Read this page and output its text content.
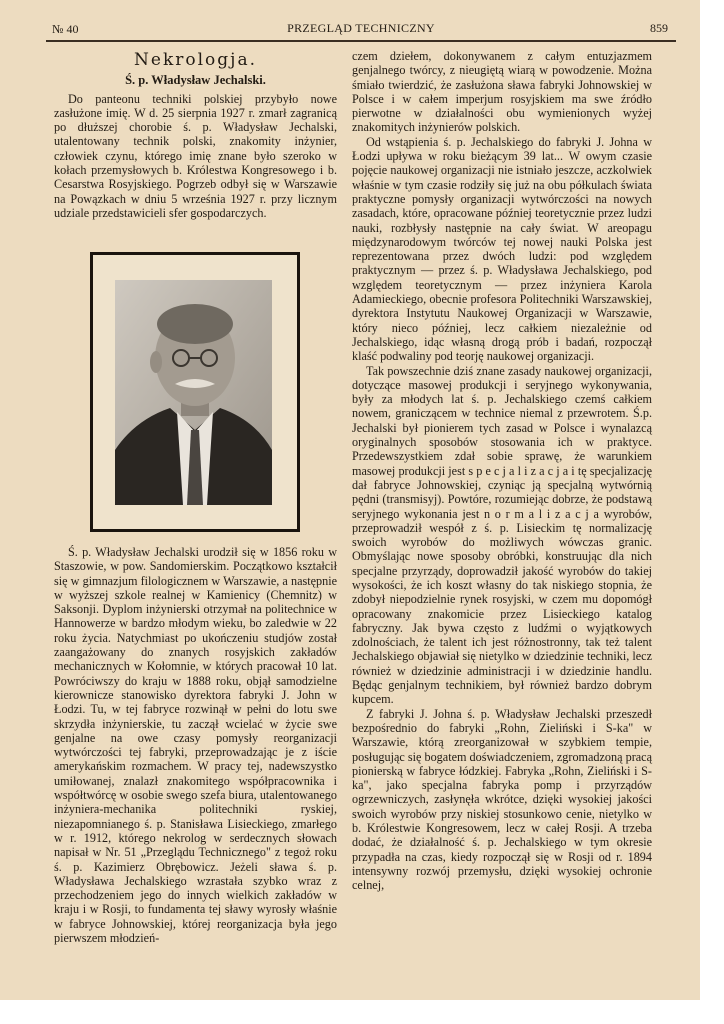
№ 40	PRZEGLĄD TECHNICZNY	859
Nekrologja.
Ś. p. Władysław Jechalski.

Do panteonu techniki polskiej przybyło nowe zasłużone imię. W d. 25 sierpnia 1927 r. zmarł zagranicą po dłuższej chorobie ś. p. Władysław Jechalski, utalentowany technik polski, znakomity inżynier, człowiek czynu, którego imię znane było szeroko w kołach przemysłowych b. Królestwa Kongresowego i b. Cesarstwa Rosyjskiego. Pogrzeb odbył się w Warszawie na Powązkach w dniu 5 września 1927 r. przy licznym udziale przedstawicieli sfer gospodarczych.

Ś. p. Władysław Jechalski urodził się w 1856 roku w Staszowie, w pow. Sandomierskim. Początkowo kształcił się w gimnazjum filologicznem w Warszawie, a następnie w wyższej szkole realnej w Kamienicy (Chemnitz) w Saksonji. Dyplom inżynierski otrzymał na politechnice w Hannowerze w bardzo młodym wieku, bo zaledwie w 22 roku życia. Natychmiast po ukończeniu studjów został zaangażowany do znanych rosyjskich zakładów mechanicznych w Kołomnie, w których pracował 10 lat. Powróciwszy do kraju w 1888 roku, objął samodzielne kierownicze stanowisko dyrektora fabryki J. John w Łodzi. Tu, w tej fabryce rozwinął w pełni do lotu swe skrzydła inżynierskie, tu zaczął wcielać w życie swe genjalne na owe czasy pomysły reorganizacji wytwórczości tej fabryki, przeprowadzając je z iście amerykańskim rozmachem. W pracy tej, nadewszystko umiłowanej, znalazł znakomitego współpracownika i współtwórcę w osobie swego szefa biura, utalentowanego inżyniera-mechanika politechniki ryskiej, niezapomnianego ś. p. Stanisława Lisieckiego, zmarłego w r. 1912, którego nekrolog w serdecznych słowach napisał w Nr. 51 „Przeglądu Technicznego" z tegoż roku ś. p. Kazimierz Obrębowicz. Jeżeli sława ś. p. Władysława Jechalskiego wzrastała szybko wraz z przechodzeniem jego do innych wielkich zakładów w kraju i w Rosji, to fundamenta tej sławy wyrosły właśnie w fabryce Johnowskiej, której reorganizacja była jego pierwszem młodzień-

czem dziełem, dokonywanem z całym entuzjazmem genjalnego twórcy, z nieugiętą wiarą w powodzenie. Można śmiało twierdzić, że zasłużona sława fabryki Johnowskiej w Polsce i w całem imperjum rosyjskiem ma swe źródło pierwotne w działalności obu wymienionych wyżej znakomitych inżynierów polskich.

Od wstąpienia ś. p. Jechalskiego do fabryki J. Johna w Łodzi upływa w roku bieżącym 39 lat... W owym czasie pojęcie naukowej organizacji nie istniało jeszcze, aczkolwiek właśnie w tym czasie rodziły się już na obu półkulach świata praktyczne pomysły organizacji wytwórczości na nowych zasadach, które, opracowane później teoretycznie przez ludzi nauki, rozbłysły następnie na cały świat. W areopagu międzynarodowym twórców tej nowej nauki Polska jest reprezentowana przez dwóch ludzi: pod względem praktycznym — przez ś. p. Władysława Jechalskiego, pod względem teoretycznym — przez inżyniera Karola Adamieckiego, obecnie profesora Politechniki Warszawskiej, dyrektora Instytutu Naukowej Organizacji w Warszawie, który nieco później, lecz całkiem niezależnie od Jechalskiego, idąc własną drogą prób i badań, rozpoczął klaść podwaliny pod teorję naukowej organizacji.

Tak powszechnie dziś znane zasady naukowej organizacji, dotyczące masowej produkcji i seryjnego wykonywania, były za młodych lat ś. p. Jechalskiego czemś całkiem nowem, graniczącem w technice niemal z przewrotem. Ś.p. Jechalski był pionierem tych zasad w Polsce i wynalazcą oryginalnych sposobów stosowania ich w praktyce. Przedewszystkiem zdał sobie sprawę, że warunkiem masowej produkcji jest s p e c j a l i z a c j a i tę specjalizację dał fabryce Johnowskiej, czyniąc ją specjalną wytwórnią pędni (transmisyj). Powtóre, rozumiejąc dobrze, że podstawą seryjnego wykonania jest n o r m a l i z a c j a wyrobów, przeprowadził wespół z ś. p. Lisieckim tę normalizację swoich wyrobów do możliwych wówczas granic. Obmyślając nowe sposoby obróbki, konstruując dla nich specjalne przyrządy, doprowadził jakość wyrobów do takiej wysokości, że ich koszt własny do tak niskiego stopnia, że zdobył niepodzielnie rynek rosyjski, w czem mu dopomógł opracowany znakomicie przez Lisieckiego katalog fabryczny. Jak bywa często z ludźmi o wyjątkowych zdolnościach, że talent ich jest różnostronny, tak też talent Jechalskiego objawiał się nietylko w dziedzinie techniki, lecz również w dziedzinie administracji i w dziedzinie handlu. Będąc genjalnym technikiem, był również bardzo dobrym kupcem.

Z fabryki J. Johna ś. p. Władysław Jechalski przeszedł bezpośrednio do fabryki „Rohn, Zieliński i S-ka" w Warszawie, którą zreorganizował w szybkiem tempie, posługując się bogatem doświadczeniem, zgromadzoną pracą pionierską w fabryce łódzkiej. Fabryka „Rohn, Zieliński i S-ka", jako specjalna fabryka pomp i przyrządów ogrzewniczych, zasłynęła wkrótce, dzięki wysokiej jakości swoich wyrobów przy niskiej stosunkowo cenie, nietylko w b. Królestwie Kongresowem, lecz w całej Rosji. A trzeba dodać, że działalność ś. p. Jechalskiego w tym okresie przypadła na czas, kiedy rozpoczął się w Rosji od r. 1894 intensywny rozwój przemysłu, dzięki wysokiej ochronie celnej,
